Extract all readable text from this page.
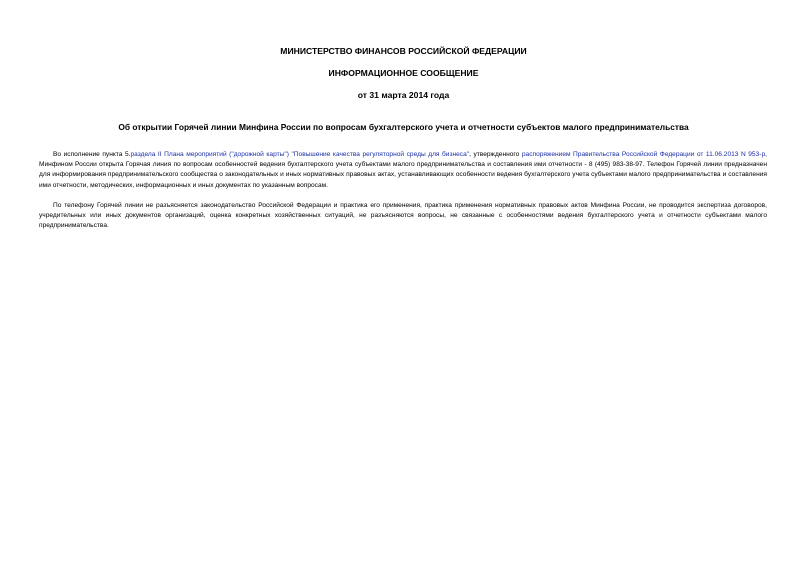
МИНИСТЕРСТВО ФИНАНСОВ РОССИЙСКОЙ ФЕДЕРАЦИИ
ИНФОРМАЦИОННОЕ СООБЩЕНИЕ
от 31 марта 2014 года
Об открытии Горячей линии Минфина России по вопросам бухгалтерского учета и отчетности субъектов малого предпринимательства
Во исполнение пункта 5.раздела II Плана мероприятий ("дорожной карты") "Повышение качества регуляторной среды для бизнеса", утвержденного распоряжением Правительства Российской Федерации от 11.06.2013 N 953-р, Минфином России открыта Горячая линия по вопросам особенностей ведения бухгалтерского учета субъектами малого предпринимательства и составления ими отчетности - 8 (495) 983-38-97. Телефон Горячей линии предназначен для информирования предпринимательского сообщества о законодательных и иных нормативных правовых актах, устанавливающих особенности ведения бухгалтерского учета субъектами малого предпринимательства и составления ими отчетности, методических, информационных и иных документах по указанным вопросам.
По телефону Горячей линии не разъясняется законодательство Российской Федерации и практика его применения, практика применения нормативных правовых актов Минфина России, не проводится экспертиза договоров, учредительных или иных документов организаций, оценка конкретных хозяйственных ситуаций, не разъясняются вопросы, не связанные с особенностями ведения бухгалтерского учета и отчетности субъектами малого предпринимательства.
